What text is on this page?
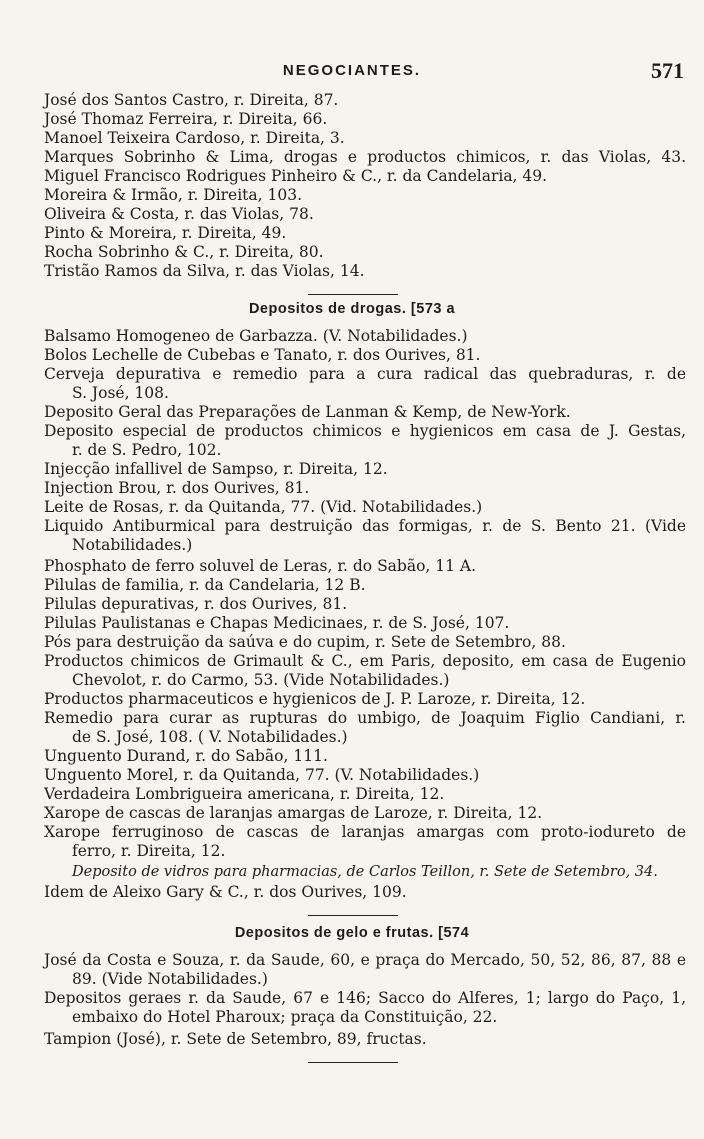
NEGOCIANTES.	571
José dos Santos Castro, r. Direita, 87.
José Thomaz Ferreira, r. Direita, 66.
Manoel Teixeira Cardoso, r. Direita, 3.
Marques Sobrinho & Lima, drogas e productos chimicos, r. das Violas, 43.
Miguel Francisco Rodrigues Pinheiro & C., r. da Candelaria, 49.
Moreira & Irmão, r. Direita, 103.
Oliveira & Costa, r. das Violas, 78.
Pinto & Moreira, r. Direita, 49.
Rocha Sobrinho & C., r. Direita, 80.
Tristão Ramos da Silva, r. das Violas, 14.
Depositos de drogas. [573 a
Balsamo Homogeneo de Garbazza. (V. Notabilidades.)
Bolos Lechelle de Cubebas e Tanato, r. dos Ourives, 81.
Cerveja depurativa e remedio para a cura radical das quebraduras, r. de
S. José, 108.
Deposito Geral das Preparações de Lanman & Kemp, de New-York.
Deposito especial de productos chimicos e hygienicos em casa de J. Gestas,
r. de S. Pedro, 102.
Injecção infallivel de Sampso, r. Direita, 12.
Injection Brou, r. dos Ourives, 81.
Leite de Rosas, r. da Quitanda, 77. (Vid. Notabilidades.)
Liquido Antiburmical para destruição das formigas, r. de S. Bento 21. (Vide
Notabilidades.)
Phosphato de ferro soluvel de Leras, r. do Sabão, 11 A.
Pilulas de familia, r. da Candelaria, 12 B.
Pilulas depurativas, r. dos Ourives, 81.
Pilulas Paulistanas e Chapas Medicinaes, r. de S. José, 107.
Pós para destruição da saúva e do cupim, r. Sete de Setembro, 88.
Productos chimicos de Grimault & C., em Paris, deposito, em casa de Eugenio
Chevolot, r. do Carmo, 53. (Vide Notabilidades.)
Productos pharmaceuticos e hygienicos de J. P. Laroze, r. Direita, 12.
Remedio para curar as rupturas do umbigo, de Joaquim Figlio Candiani, r.
de S. José, 108. ( V. Notabilidades.)
Unguento Durand, r. do Sabão, 111.
Unguento Morel, r. da Quitanda, 77. (V. Notabilidades.)
Verdadeira Lombrigueira americana, r. Direita, 12.
Xarope de cascas de laranjas amargas de Laroze, r. Direita, 12.
Xarope ferruginoso de cascas de laranjas amargas com proto-iodureto de
ferro, r. Direita, 12.
Deposito de vidros para pharmacias, de Carlos Teillon, r. Sete de Setembro, 34.
Idem de Aleixo Gary & C., r. dos Ourives, 109.
Depositos de gelo e frutas. [574
José da Costa e Souza, r. da Saude, 60, e praça do Mercado, 50, 52, 86, 87, 88 e
89. (Vide Notabilidades.)
Depositos geraes r. da Saude, 67 e 146; Sacco do Alferes, 1; largo do Paço, 1,
embaixo do Hotel Pharoux; praça da Constituição, 22.
Tampion (José), r. Sete de Setembro, 89, fructas.
